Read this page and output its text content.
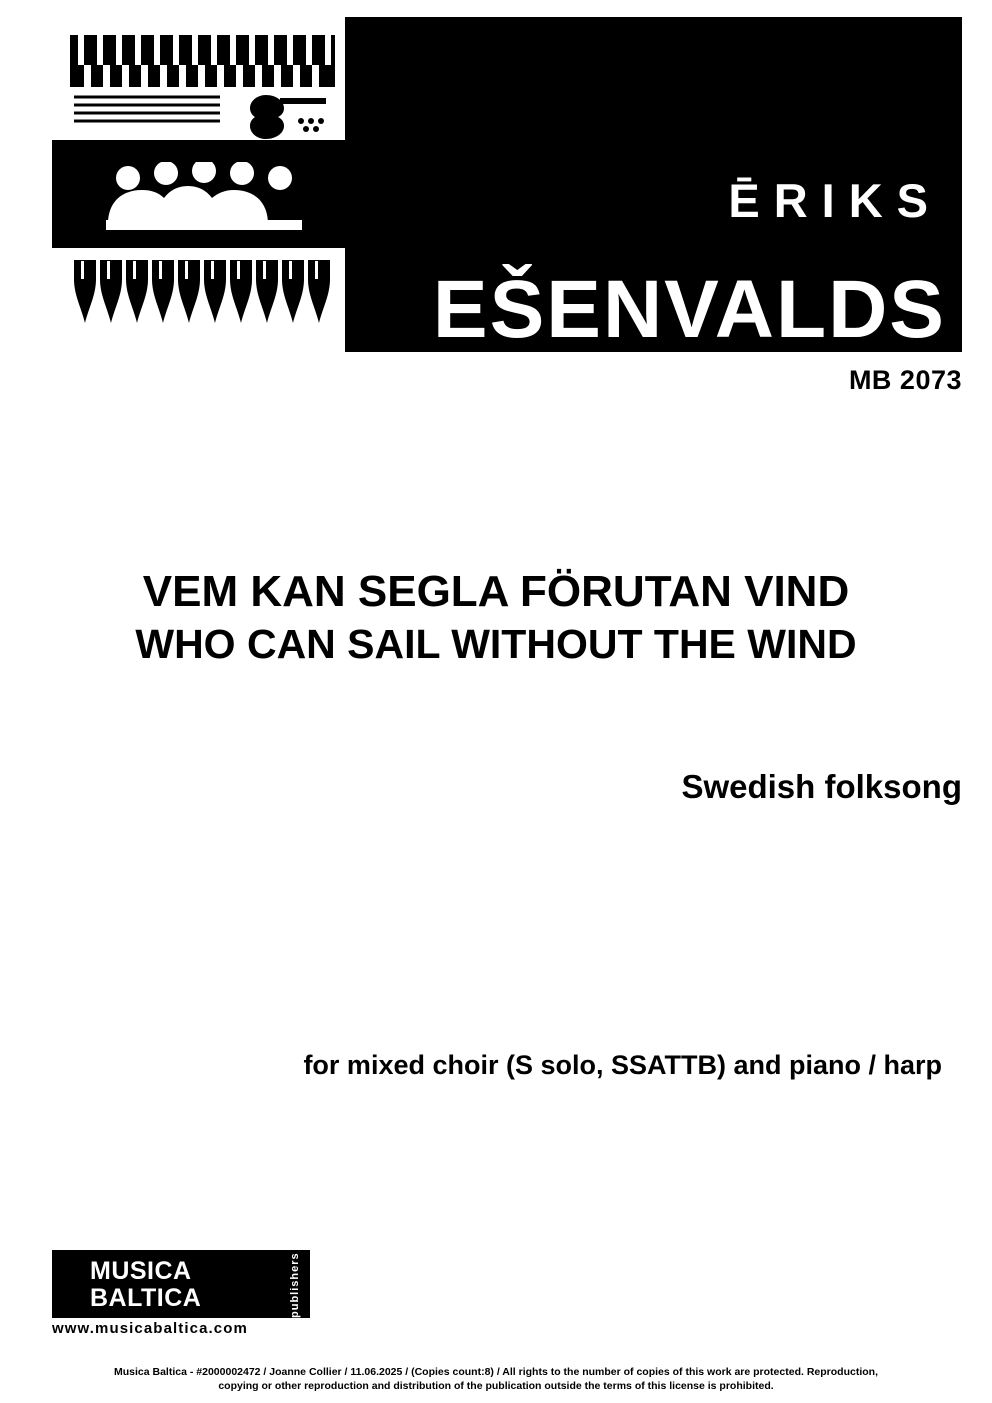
ĒRIKS
EŠENVALDS
MB 2073
VEM KAN SEGLA FÖRUTAN VIND
WHO CAN SAIL WITHOUT THE WIND
Swedish folksong
for mixed choir (S solo, SSATTB) and piano / harp
MUSICA
BALTICA	publishers
www.musicabaltica.com
Musica Baltica - #2000002472 / Joanne Collier / 11.06.2025 / (Copies count:8) / All rights to the number of copies of this work are protected. Reproduction,
copying or other reproduction and distribution of the publication outside the terms of this license is prohibited.
